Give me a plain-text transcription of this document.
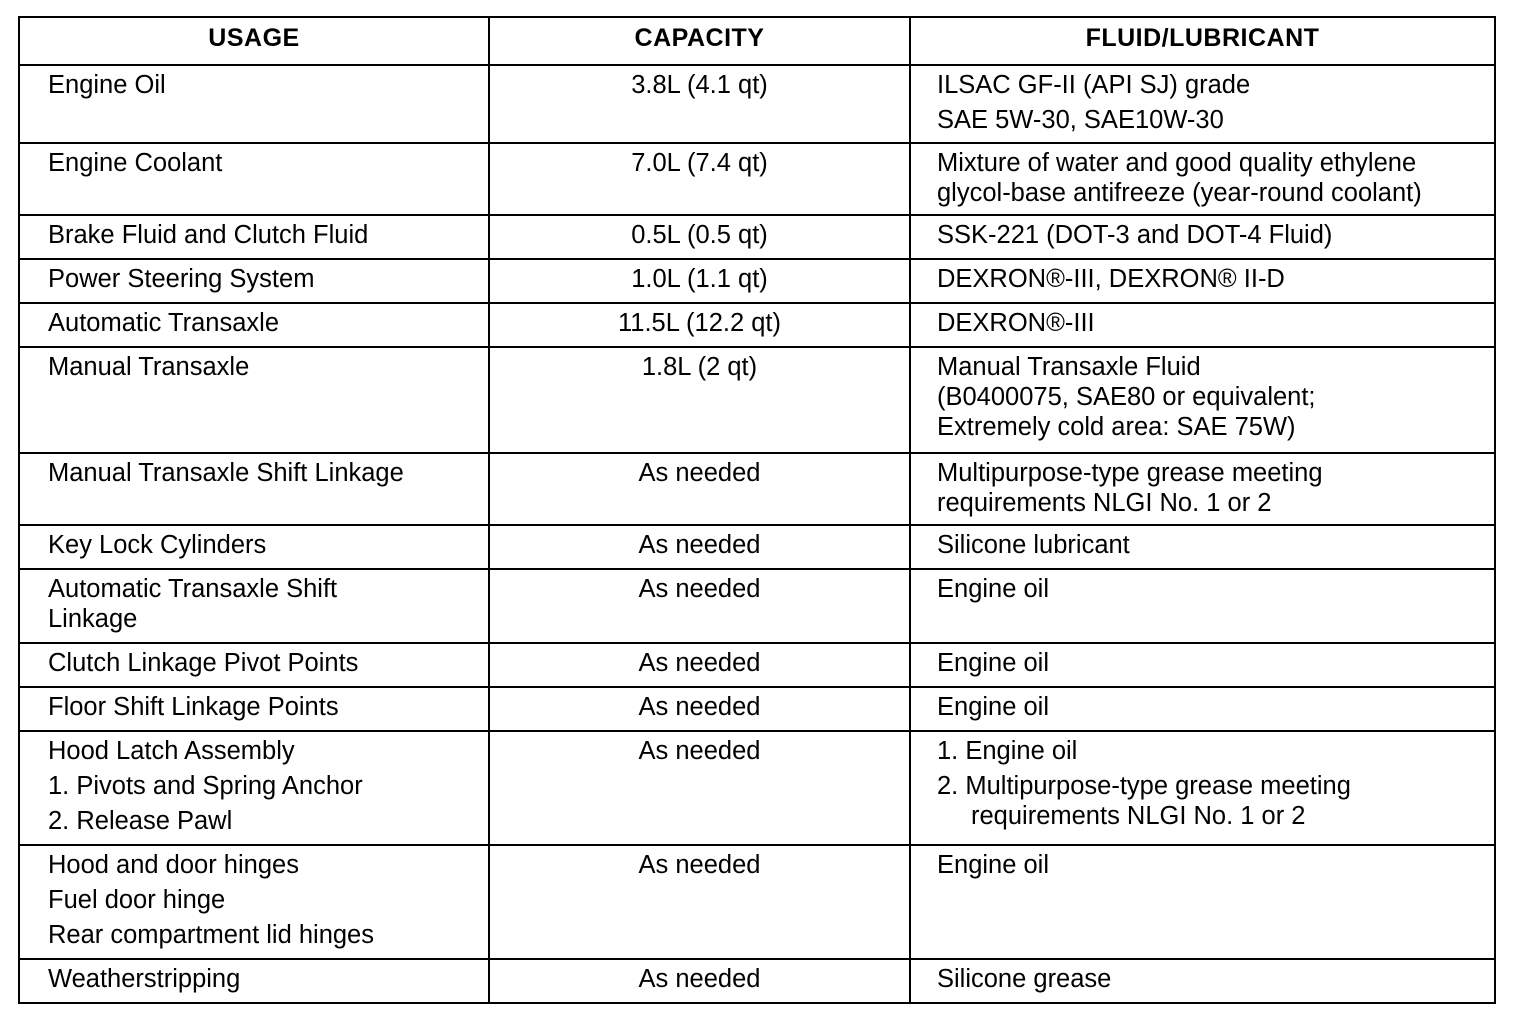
USAGE	CAPACITY	FLUID/LUBRICANT

Engine Oil	3.8L (4.1 qt)	ILSAC GF-II (API SJ) grade
SAE 5W-30, SAE10W-30

Engine Coolant	7.0L (7.4 qt)	Mixture of water and good quality ethylene
glycol-base antifreeze (year-round coolant)

Brake Fluid and Clutch Fluid	0.5L (0.5 qt)	SSK-221 (DOT-3 and DOT-4 Fluid)

Power Steering System	1.0L (1.1 qt)	DEXRON®-III, DEXRON® II-D

Automatic Transaxle	11.5L (12.2 qt)	DEXRON®-III

Manual Transaxle	1.8L (2 qt)	Manual Transaxle Fluid
(B0400075, SAE80 or equivalent;
Extremely cold area: SAE 75W)

Manual Transaxle Shift Linkage	As needed	Multipurpose-type grease meeting
requirements NLGI No. 1 or 2

Key Lock Cylinders	As needed	Silicone lubricant

Automatic Transaxle Shift
Linkage	As needed	Engine oil

Clutch Linkage Pivot Points	As needed	Engine oil

Floor Shift Linkage Points	As needed	Engine oil

Hood Latch Assembly
1. Pivots and Spring Anchor
2. Release Pawl	As needed	1. Engine oil
2. Multipurpose-type grease meeting
requirements NLGI No. 1 or 2

Hood and door hinges
Fuel door hinge
Rear compartment lid hinges	As needed	Engine oil

Weatherstripping	As needed	Silicone grease
